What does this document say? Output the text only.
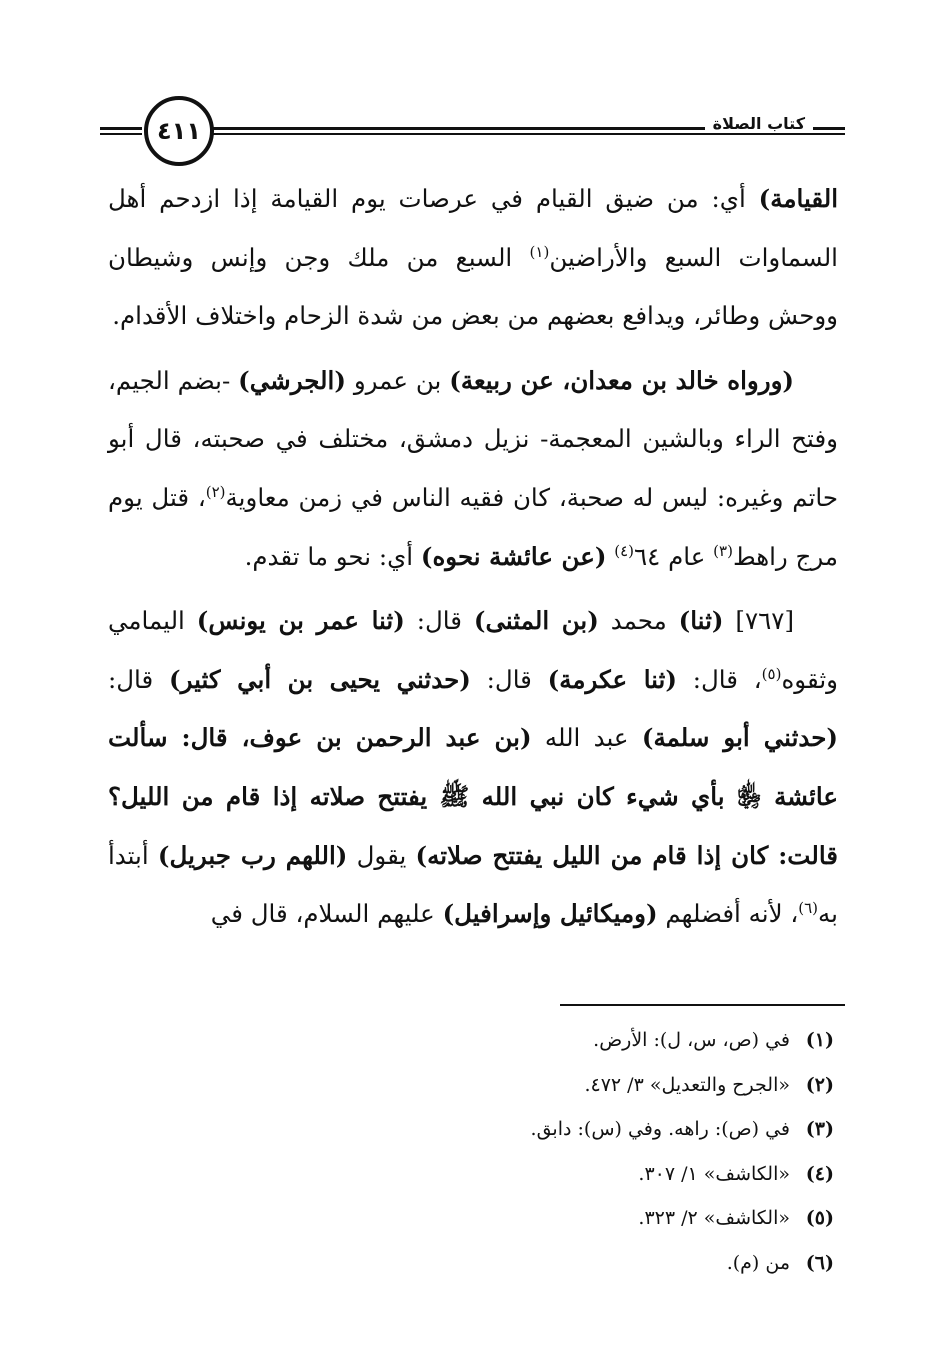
٤١١	كتاب الصلاة

القيامة) أي: من ضيق القيام في عرصات يوم القيامة إذا ازدحم أهل السماوات السبع والأراضين$^{(١)}$ السبع من ملك وجن وإنس وشيطان ووحش وطائر، ويدافع بعضهم من بعض من شدة الزحام واختلاف الأقدام.

(ورواه خالد بن معدان، عن ربيعة) بن عمرو (الجرشي) -بضم الجيم، وفتح الراء وبالشين المعجمة- نزيل دمشق، مختلف في صحبته، قال أبو حاتم وغيره: ليس له صحبة، كان فقيه الناس في زمن معاوية$^{(٢)}$، قتل يوم مرج راهط$^{(٣)}$ عام ٦٤$^{(٤)}$ (عن عائشة نحوه) أي: نحو ما تقدم.

[٧٦٧] (ثنا) محمد (بن المثنى) قال: (ثنا عمر بن يونس) اليمامي وثقوه$^{(٥)}$، قال: (ثنا عكرمة) قال: (حدثني يحيى بن أبي كثير) قال: (حدثني أبو سلمة) عبد الله (بن عبد الرحمن بن عوف، قال: سألت عائشة ﵂ بأي شيء كان نبي الله ﷺ يفتتح صلاته إذا قام من الليل؟ قالت: كان إذا قام من الليل يفتتح صلاته) يقول (اللهم رب جبريل) أبتدأ به$^{(٦)}$، لأنه أفضلهم (وميكائيل وإسرافيل) عليهم السلام، قال في

(١)في (ص، س، ل): الأرض.
(٢)«الجرح والتعديل» ٣/ ٤٧٢.
(٣)في (ص): راهه. وفي (س): دابق.
(٤)«الكاشف» ١/ ٣٠٧.
(٥)«الكاشف» ٢/ ٣٢٣.
(٦)من (م).
